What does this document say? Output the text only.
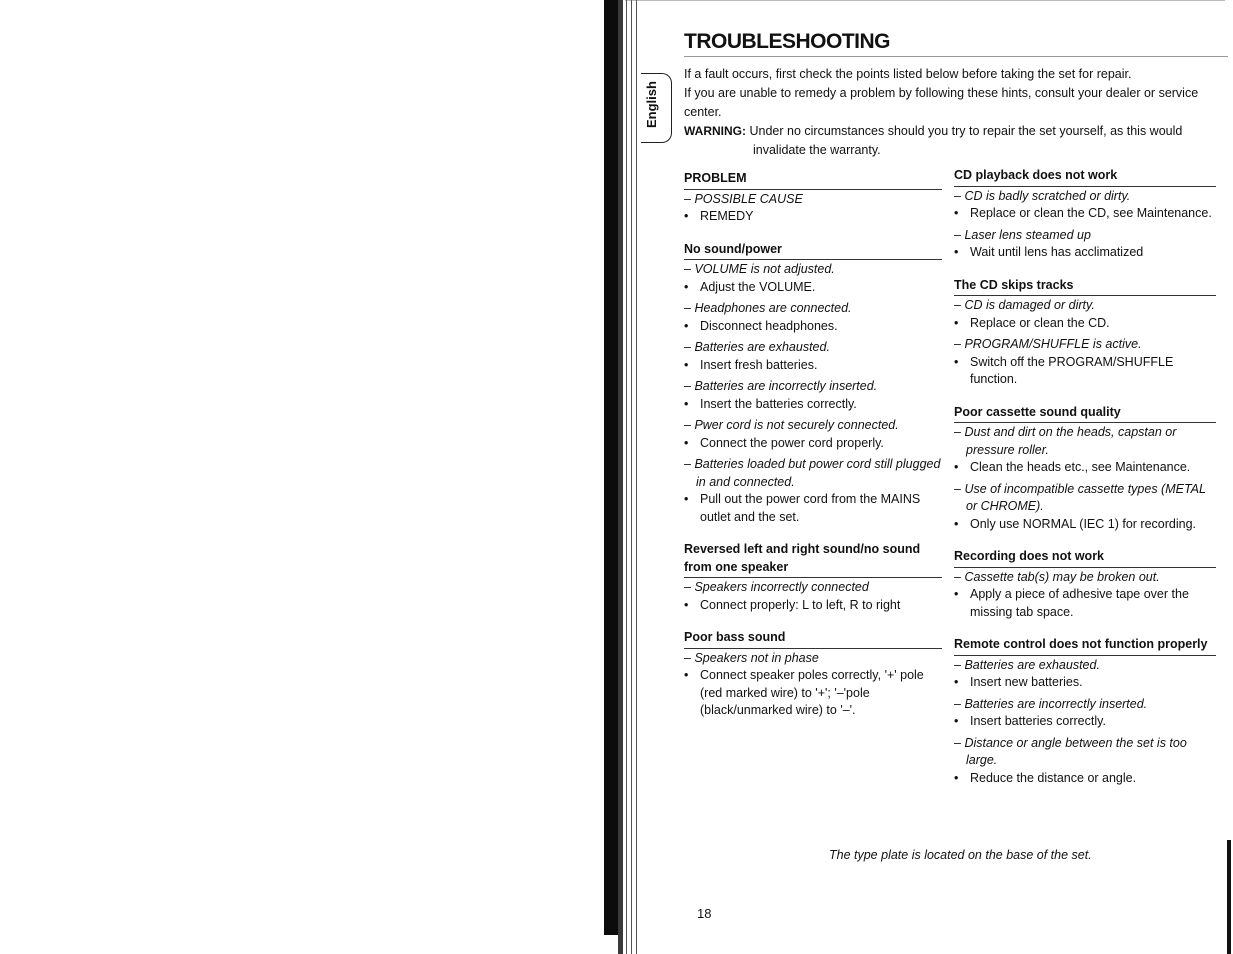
English
TROUBLESHOOTING

If a fault occurs, first check the points listed below before taking the set for repair.

If you are unable to remedy a problem by following these hints, consult your dealer or service center.

WARNING: Under no circumstances should you try to repair the set yourself, as this would
invalidate the warranty.

PROBLEM
– POSSIBLE CAUSE
• REMEDY
No sound/power
– VOLUME is not adjusted.
• Adjust the VOLUME.
– Headphones are connected.
• Disconnect headphones.
– Batteries are exhausted.
• Insert fresh batteries.
– Batteries are incorrectly inserted.
• Insert the batteries correctly.
– Pwer cord is not securely connected.
• Connect the power cord properly.
– Batteries loaded but power cord still plugged in and connected.
• Pull out the power cord from the MAINS outlet and the set.
Reversed left and right sound/no sound from one speaker
– Speakers incorrectly connected
• Connect properly: L to left, R to right
Poor bass sound
– Speakers not in phase
• Connect speaker poles correctly, '+' pole (red marked wire) to '+'; '–'pole (black/unmarked wire) to '–'.
CD playback does not work
– CD is badly scratched or dirty.
• Replace or clean the CD, see Maintenance.
– Laser lens steamed up
• Wait until lens has acclimatized
The CD skips tracks
– CD is damaged or dirty.
• Replace or clean the CD.
– PROGRAM/SHUFFLE is active.
• Switch off the PROGRAM/SHUFFLE function.
Poor cassette sound quality
– Dust and dirt on the heads, capstan or pressure roller.
• Clean the heads etc., see Maintenance.
– Use of incompatible cassette types (METAL or CHROME).
• Only use NORMAL (IEC 1) for recording.
Recording does not work
– Cassette tab(s) may be broken out.
• Apply a piece of adhesive tape over the missing tab space.
Remote control does not function properly
– Batteries are exhausted.
• Insert new batteries.
– Batteries are incorrectly inserted.
• Insert batteries correctly.
– Distance or angle between the set is too large.
• Reduce the distance or angle.
The type plate is located on the base of the set.
18
